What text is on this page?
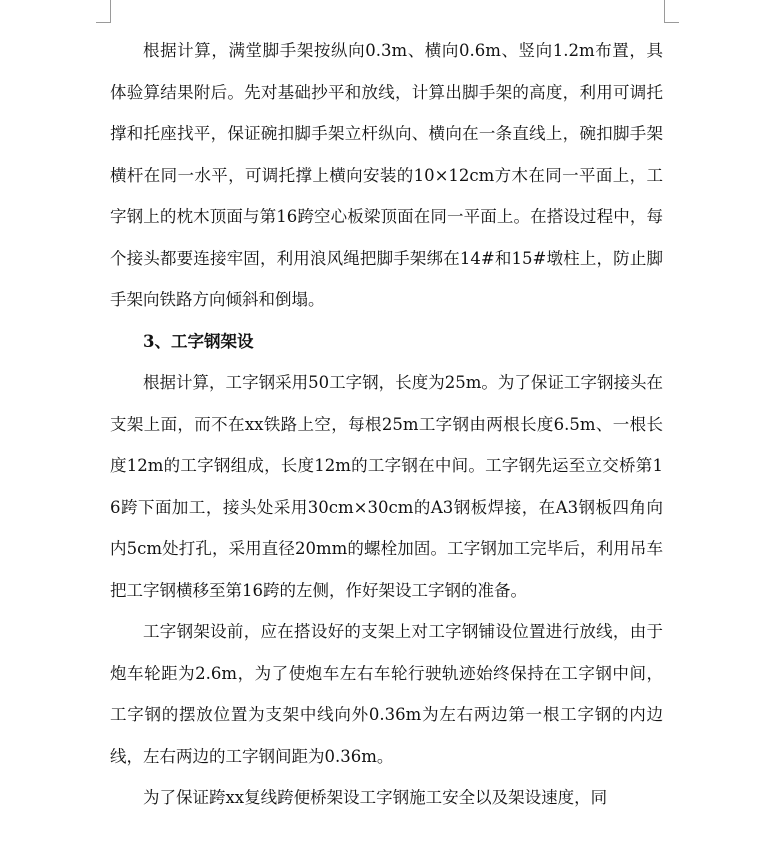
根据计算，满堂脚手架按纵向0.3m、横向0.6m、竖向1.2m布置，具体验算结果附后。先对基础抄平和放线，计算出脚手架的高度，利用可调托撑和托座找平，保证碗扣脚手架立杆纵向、横向在一条直线上，碗扣脚手架横杆在同一水平，可调托撑上横向安装的10×12cm方木在同一平面上，工字钢上的枕木顶面与第16跨空心板梁顶面在同一平面上。在搭设过程中，每个接头都要连接牢固，利用浪风绳把脚手架绑在14#和15#墩柱上，防止脚手架向铁路方向倾斜和倒塌。

3、工字钢架设

根据计算，工字钢采用50工字钢，长度为25m。为了保证工字钢接头在支架上面，而不在xx铁路上空，每根25m工字钢由两根长度6.5m、一根长度12m的工字钢组成，长度12m的工字钢在中间。工字钢先运至立交桥第16跨下面加工，接头处采用30cm×30cm的A3钢板焊接，在A3钢板四角向内5cm处打孔，采用直径20mm的螺栓加固。工字钢加工完毕后，利用吊车把工字钢横移至第16跨的左侧，作好架设工字钢的准备。

工字钢架设前，应在搭设好的支架上对工字钢铺设位置进行放线，由于炮车轮距为2.6m，为了使炮车左右车轮行驶轨迹始终保持在工字钢中间，工字钢的摆放位置为支架中线向外0.36m为左右两边第一根工字钢的内边线，左右两边的工字钢间距为0.36m。

为了保证跨xx复线跨便桥架设工字钢施工安全以及架设速度，同
